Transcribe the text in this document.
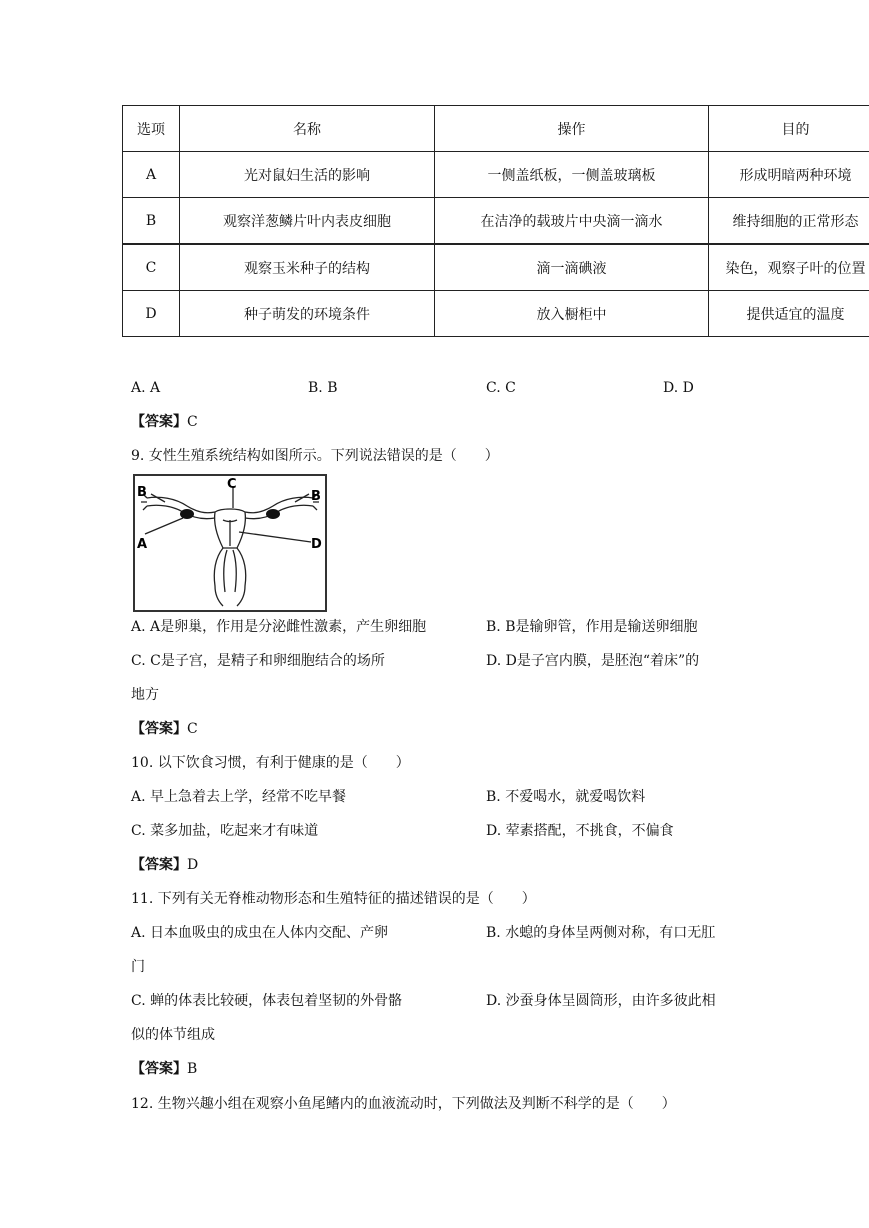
选项	名称	操作	目的
A	光对鼠妇生活的影响	一侧盖纸板，一侧盖玻璃板	形成明暗两种环境
B	观察洋葱鳞片叶内表皮细胞	在洁净的载玻片中央滴一滴水	维持细胞的正常形态
C	观察玉米种子的结构	滴一滴碘液	染色，观察子叶的位置
D	种子萌发的环境条件	放入橱柜中	提供适宜的温度
A. A	B. B	C. C	D. D
【答案】C
9. 女性生殖系统结构如图所示。下列说法错误的是（　　）
B
C
B
A	D
A. A是卵巢，作用是分泌雌性激素，产生卵细胞	B. B是输卵管，作用是输送卵细胞
C. C是子宫，是精子和卵细胞结合的场所	D. D是子宫内膜，是胚泡“着床”的
地方
【答案】C
10. 以下饮食习惯，有利于健康的是（　　）
A. 早上急着去上学，经常不吃早餐	B. 不爱喝水，就爱喝饮料
C. 菜多加盐，吃起来才有味道	D. 荤素搭配，不挑食，不偏食
【答案】D
11. 下列有关无脊椎动物形态和生殖特征的描述错误的是（　　）
A. 日本血吸虫的成虫在人体内交配、产卵	B. 水螅的身体呈两侧对称，有口无肛
门
C. 蝉的体表比较硬，体表包着坚韧的外骨骼	D. 沙蚕身体呈圆筒形，由许多彼此相
似的体节组成
【答案】B
12. 生物兴趣小组在观察小鱼尾鳍内的血液流动时，下列做法及判断不科学的是（　　）
